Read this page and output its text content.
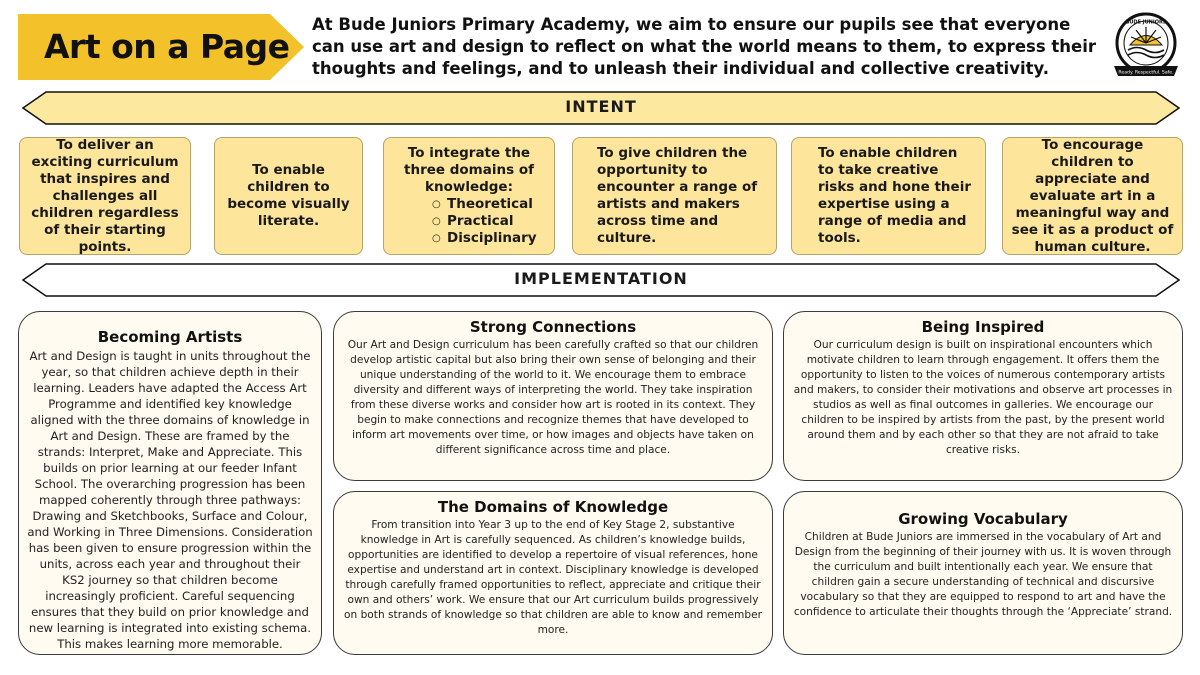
Art on a Page
At Bude Juniors Primary Academy, we aim to ensure our pupils see that everyone can use art and design to reflect on what the world means to them, to express their thoughts and feelings, and to unleash their individual and collective creativity.
BUDE JUNIORS
Ready. Respectful. Safe.
INTENT
To deliver an exciting curriculum that inspires and challenges all children regardless of their starting points.
To enable children to become visually literate.
To integrate the three domains of knowledge:
○ Theoretical
○ Practical
○ Disciplinary
To give children the opportunity to encounter a range of artists and makers across time and culture.
To enable children to take creative risks and hone their expertise using a range of media and tools.
To encourage children to appreciate and evaluate art in a meaningful way and see it as a product of human culture.
IMPLEMENTATION
Becoming Artists

Art and Design is taught in units throughout the year, so that children achieve depth in their learning. Leaders have adapted the Access Art Programme and identified key knowledge aligned with the three domains of knowledge in Art and Design. These are framed by the strands: Interpret, Make and Appreciate. This builds on prior learning at our feeder Infant School. The overarching progression has been mapped coherently through three pathways: Drawing and Sketchbooks, Surface and Colour, and Working in Three Dimensions. Consideration has been given to ensure progression within the units, across each year and throughout their KS2 journey so that children become increasingly proficient. Careful sequencing ensures that they build on prior knowledge and new learning is integrated into existing schema. This makes learning more memorable.

Strong Connections

Our Art and Design curriculum has been carefully crafted so that our children develop artistic capital but also bring their own sense of belonging and their unique understanding of the world to it. We encourage them to embrace diversity and different ways of interpreting the world. They take inspiration from these diverse works and consider how art is rooted in its context. They begin to make connections and recognize themes that have developed to inform art movements over time, or how images and objects have taken on different significance across time and place.

Being Inspired

Our curriculum design is built on inspirational encounters which motivate children to learn through engagement. It offers them the opportunity to listen to the voices of numerous contemporary artists and makers, to consider their motivations and observe art processes in studios as well as final outcomes in galleries. We encourage our children to be inspired by artists from the past, by the present world around them and by each other so that they are not afraid to take creative risks.

The Domains of Knowledge

From transition into Year 3 up to the end of Key Stage 2, substantive knowledge in Art is carefully sequenced. As children’s knowledge builds, opportunities are identified to develop a repertoire of visual references, hone expertise and understand art in context. Disciplinary knowledge is developed through carefully framed opportunities to reflect, appreciate and critique their own and others’ work. We ensure that our Art curriculum builds progressively on both strands of knowledge so that children are able to know and remember more.

Growing Vocabulary

Children at Bude Juniors are immersed in the vocabulary of Art and Design from the beginning of their journey with us. It is woven through the curriculum and built intentionally each year. We ensure that children gain a secure understanding of technical and discursive vocabulary so that they are equipped to respond to art and have the confidence to articulate their thoughts through the ‘Appreciate’ strand.
